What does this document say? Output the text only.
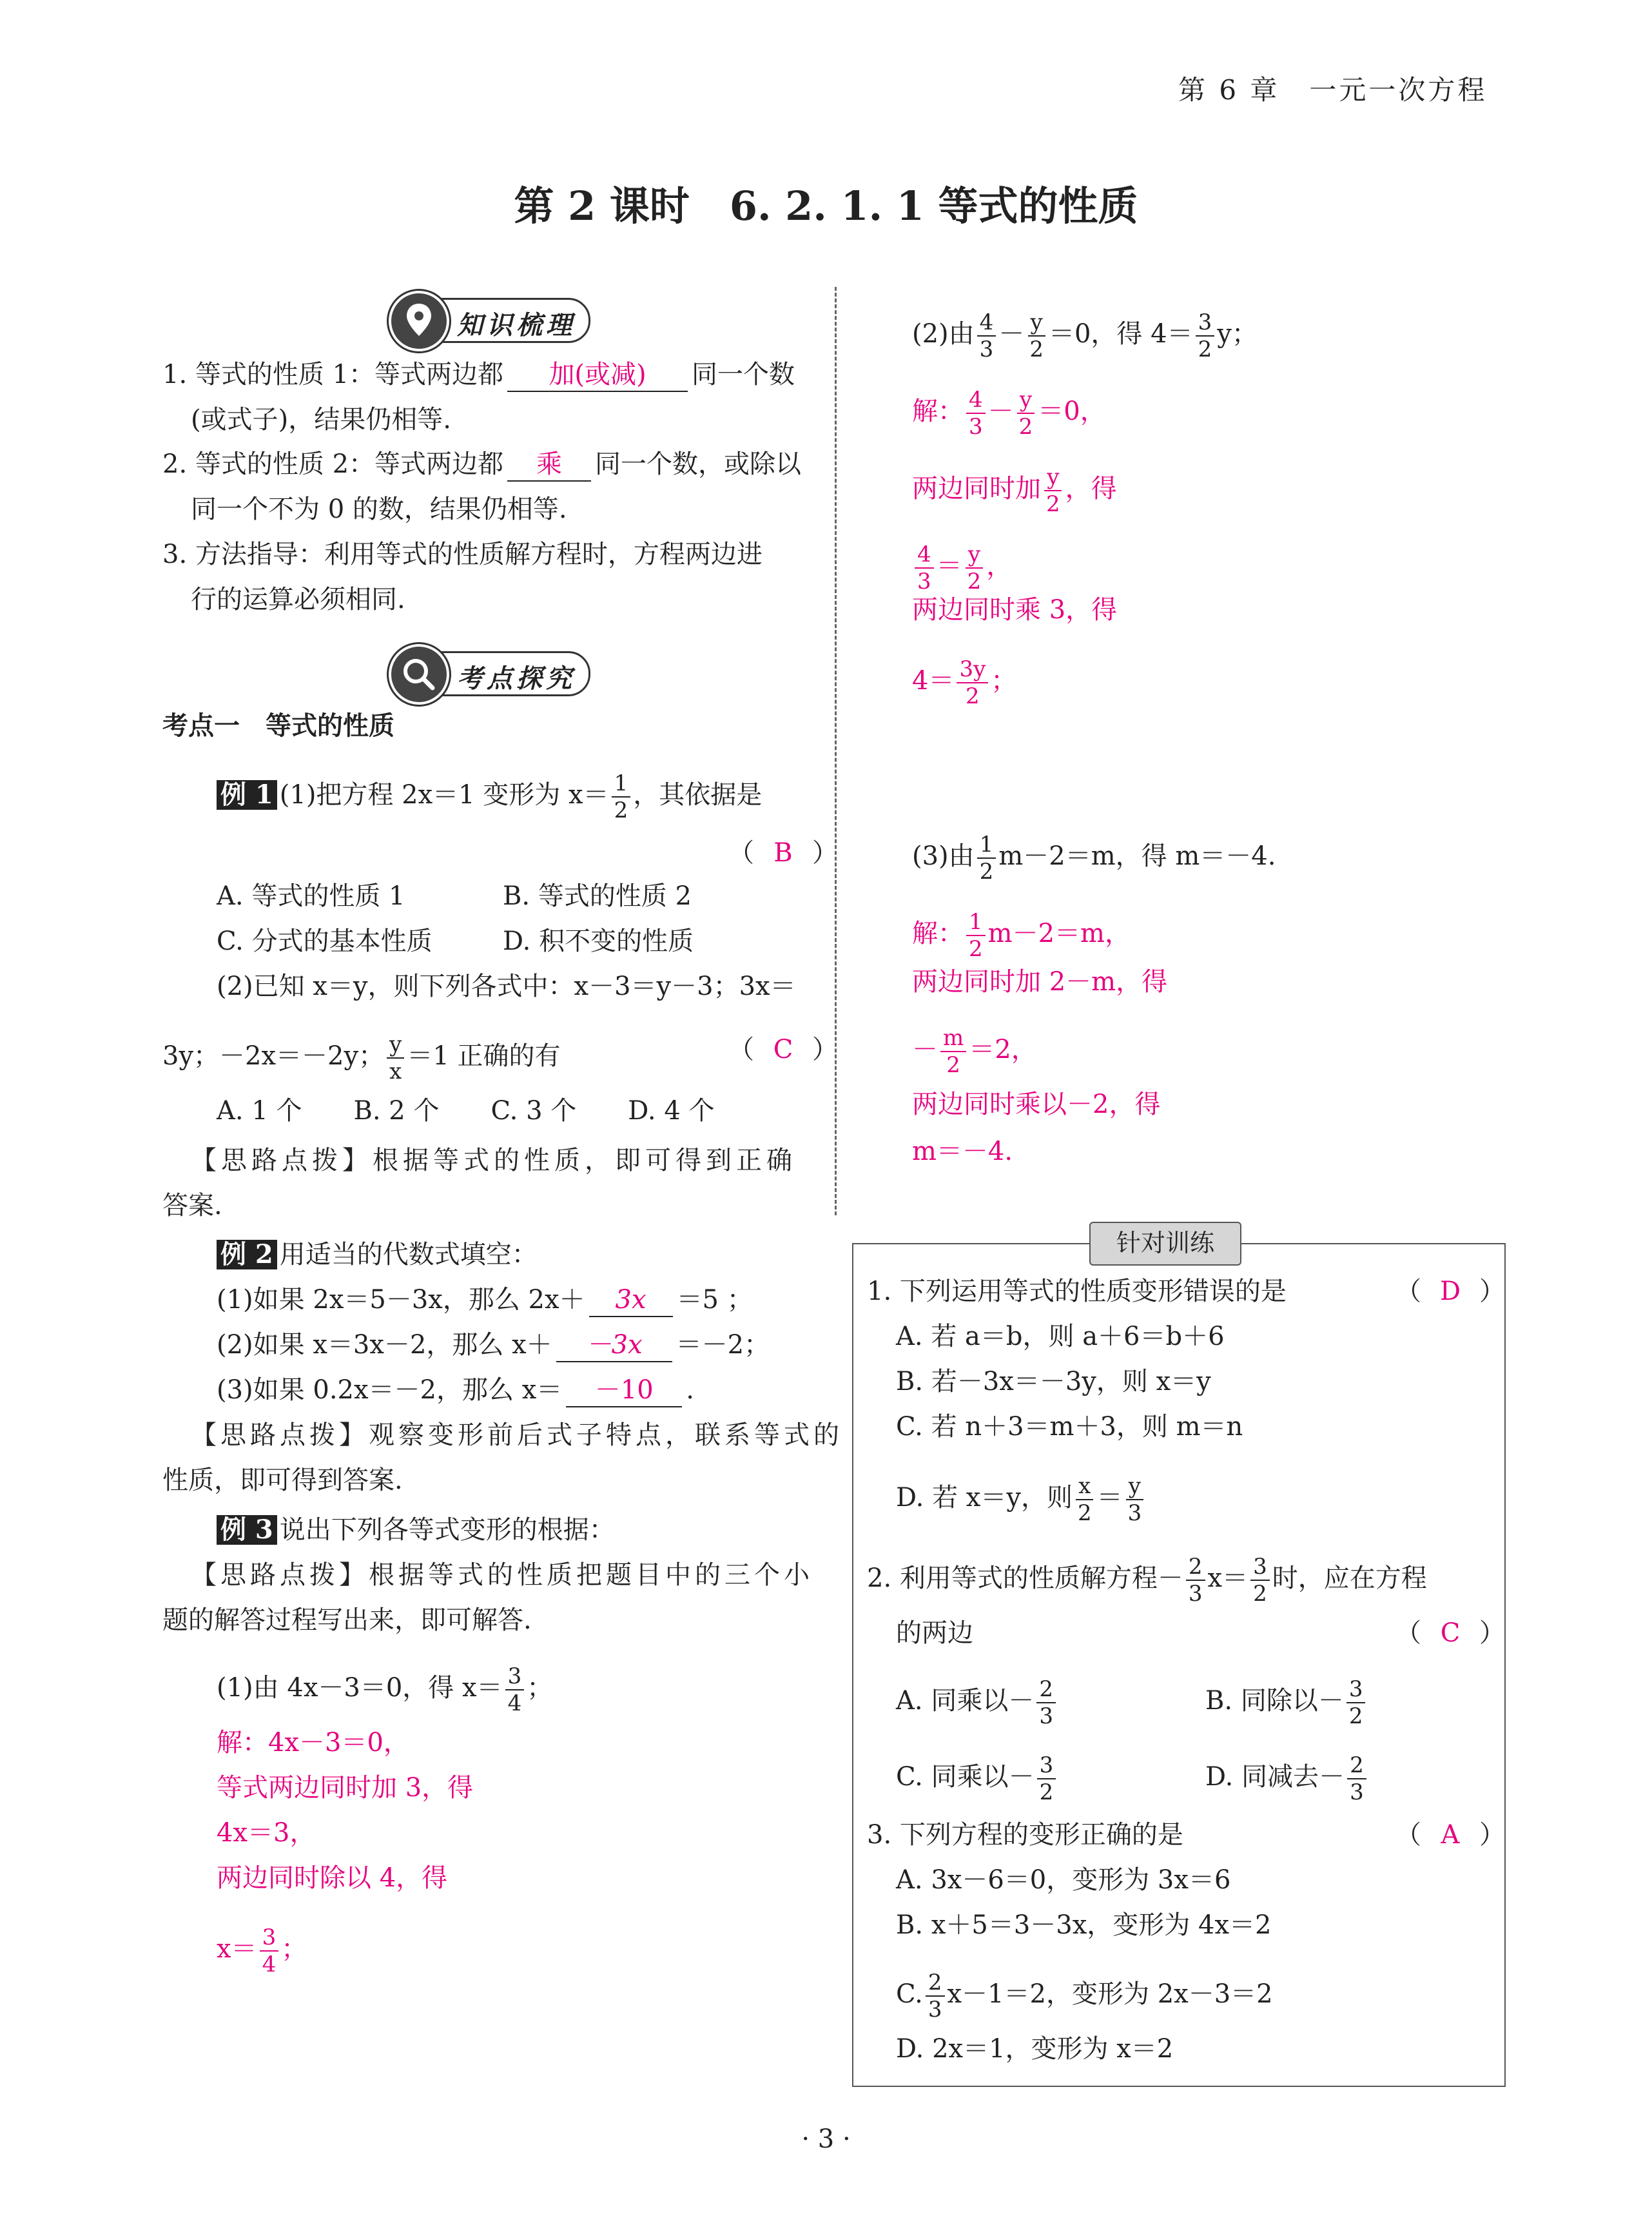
第 6 章　一元一次方程
第 2 课时　6. 2. 1. 1 等式的性质
知识梳理
1. 等式的性质 1：等式两边都 加(或减) 同一个数
(或式子)，结果仍相等.
2. 等式的性质 2：等式两边都 乘 同一个数，或除以
同一个不为 0 的数，结果仍相等.
3. 方法指导：利用等式的性质解方程时，方程两边进
行的运算必须相同.
考点探究
考点一　等式的性质
例 1 (1)把方程 2x＝1 变形为 $x= \frac{1}{2}$ ，其依据是
（ B ）
A. 等式的性质 1	B. 等式的性质 2
C. 分式的基本性质	D. 积不变的性质
(2)已知 x＝y，则下列各式中：x－3＝y－3；3x＝
3y；－2x＝－2y； $\frac{y}{x} =1$ 正确的有	（ C ）
A. 1 个　　B. 2 个　　C. 3 个　　D. 4 个
【思路点拨】根据等式的性质，即可得到正确
答案.
例 2 用适当的代数式填空：
(1)如果 2x＝5－3x，那么 2x＋ 3x ＝5 ；
(2)如果 x＝3x－2，那么 x＋ －3x ＝－2；
(3)如果 0.2x＝－2，那么 x＝ －10 .
【思路点拨】观察变形前后式子特点，联系等式的
性质，即可得到答案.
例 3 说出下列各等式变形的根据：
【思路点拨】根据等式的性质把题目中的三个小
题的解答过程写出来，即可解答.
(1)由 4x－3＝0，得 $x= \frac{3}{4}$ ；
解：4x－3＝0，
等式两边同时加 3，得
4x＝3，
两边同时除以 4，得
$x= \frac{3}{4}$ ；
(2)由 $\frac{4}{3} - \frac{y}{2} =0$，得 $4= \frac{3}{2}$ y；
解： $\frac{4}{3} - \frac{y}{2} =0$，
两边同时加 $\frac{y}{2}$ ，得
$\frac{4}{3} = \frac{y}{2}$ ，
两边同时乘 3，得
$4= \frac{3y}{2}$ ；
(3)由 $\frac{1}{2} m-2=m$，得 m＝－4.
解： $\frac{1}{2} m-2=m$，
两边同时加 2－m，得
－ $\frac{m}{2} =2$，
两边同时乘以－2，得
m＝－4.
针对训练
1. 下列运用等式的性质变形错误的是	（ D ）
A. 若 a＝b，则 a＋6＝b＋6
B. 若－3x＝－3y，则 x＝y
C. 若 n＋3＝m＋3，则 m＝n
D. 若 x＝y，则 $\frac{x}{2} = \frac{y}{3}$
2. 利用等式的性质解方程－ $\frac{2}{3} x= \frac{3}{2}$ 时，应在方程
的两边	（ C ）
A. 同乘以－ $\frac{2}{3}$	B. 同除以－ $\frac{3}{2}$
C. 同乘以－ $\frac{3}{2}$	D. 同减去－ $\frac{2}{3}$
3. 下列方程的变形正确的是	（ A ）
A. 3x－6＝0，变形为 3x＝6
B. x＋5＝3－3x，变形为 4x＝2
C. $\frac{2}{3} x-1=2$，变形为 2x－3＝2
D. 2x＝1，变形为 x＝2
· 3 ·
